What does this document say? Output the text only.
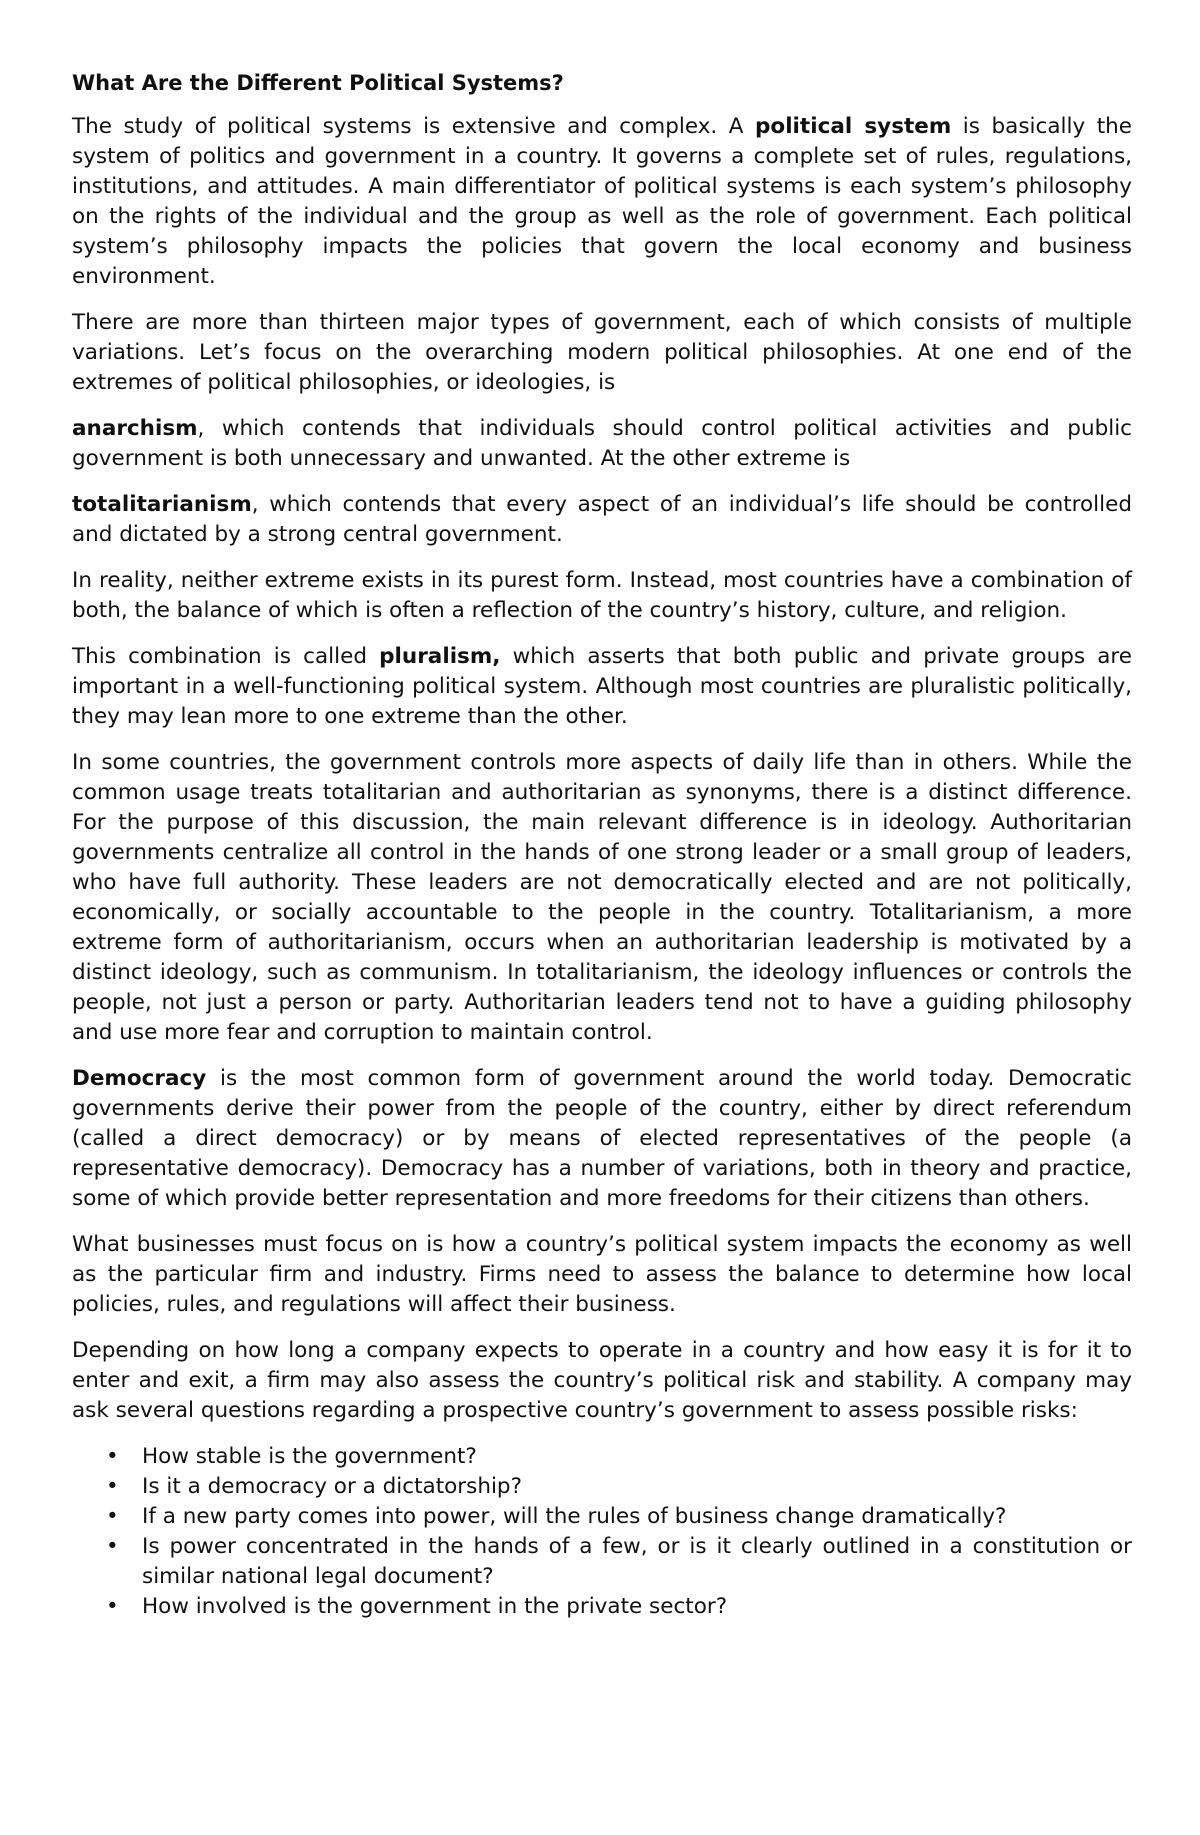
What Are the Different Political Systems?

The study of political systems is extensive and complex. A political system is basically the system of politics and government in a country. It governs a complete set of rules, regulations, institutions, and attitudes. A main differentiator of political systems is each system’s philosophy on the rights of the individual and the group as well as the role of government. Each political system’s philosophy impacts the policies that govern the local economy and business environment.

There are more than thirteen major types of government, each of which consists of multiple variations. Let’s focus on the overarching modern political philosophies. At one end of the extremes of political philosophies, or ideologies, is

anarchism, which contends that individuals should control political activities and public government is both unnecessary and unwanted. At the other extreme is

totalitarianism, which contends that every aspect of an individual’s life should be controlled and dictated by a strong central government.

In reality, neither extreme exists in its purest form. Instead, most countries have a combination of both, the balance of which is often a reflection of the country’s history, culture, and religion.

This combination is called pluralism, which asserts that both public and private groups are important in a well-functioning political system. Although most countries are pluralistic politically, they may lean more to one extreme than the other.

In some countries, the government controls more aspects of daily life than in others. While the common usage treats totalitarian and authoritarian as synonyms, there is a distinct difference. For the purpose of this discussion, the main relevant difference is in ideology. Authoritarian governments centralize all control in the hands of one strong leader or a small group of leaders, who have full authority. These leaders are not democratically elected and are not politically, economically, or socially accountable to the people in the country. Totalitarianism, a more extreme form of authoritarianism, occurs when an authoritarian leadership is motivated by a distinct ideology, such as communism. In totalitarianism, the ideology influences or controls the people, not just a person or party. Authoritarian leaders tend not to have a guiding philosophy and use more fear and corruption to maintain control.

Democracy is the most common form of government around the world today. Democratic governments derive their power from the people of the country, either by direct referendum (called a direct democracy) or by means of elected representatives of the people (a representative democracy). Democracy has a number of variations, both in theory and practice, some of which provide better representation and more freedoms for their citizens than others.

What businesses must focus on is how a country’s political system impacts the economy as well as the particular firm and industry. Firms need to assess the balance to determine how local policies, rules, and regulations will affect their business.

Depending on how long a company expects to operate in a country and how easy it is for it to enter and exit, a firm may also assess the country’s political risk and stability. A company may ask several questions regarding a prospective country’s government to assess possible risks:

• How stable is the government?
• Is it a democracy or a dictatorship?
• If a new party comes into power, will the rules of business change dramatically?
• Is power concentrated in the hands of a few, or is it clearly outlined in a constitution or similar national legal document?
• How involved is the government in the private sector?
